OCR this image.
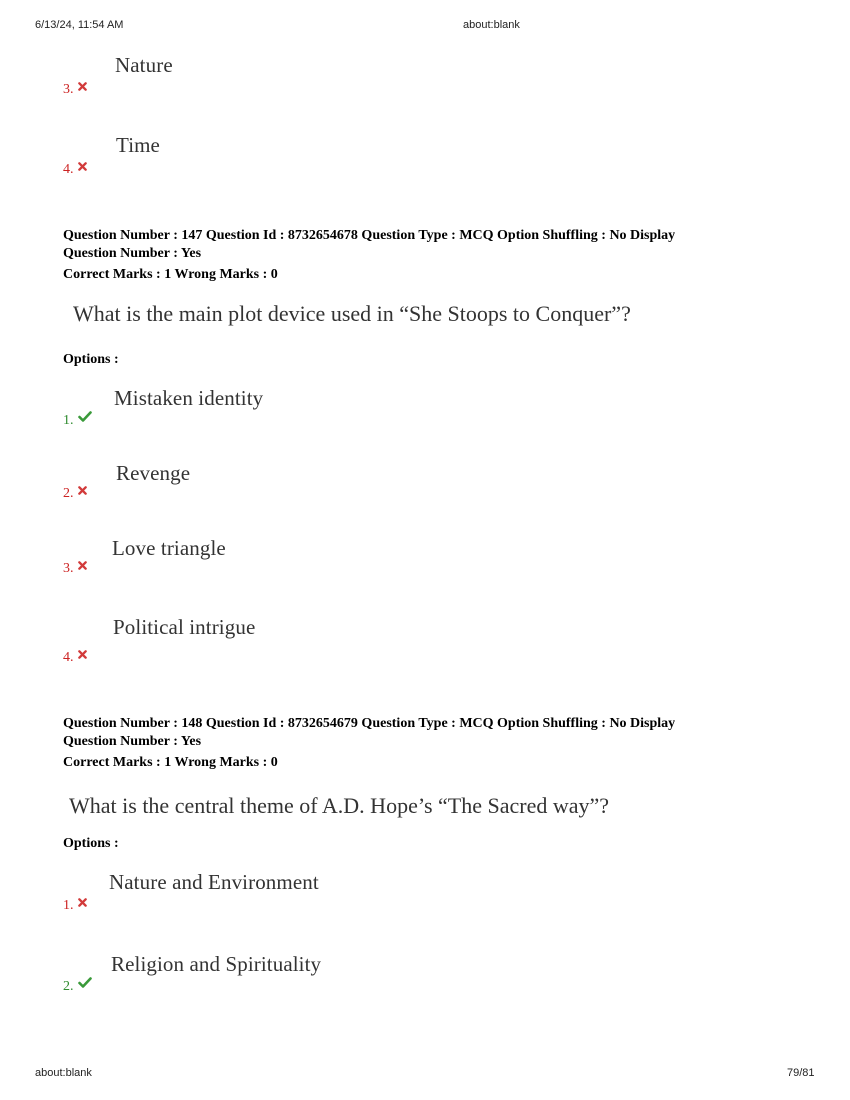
6/13/24, 11:54 AM	about:blank
Nature
3.
Time
4.
Question Number : 147 Question Id : 8732654678 Question Type : MCQ Option Shuffling : No Display
Question Number : Yes
Correct Marks : 1 Wrong Marks : 0
What is the main plot device used in “She Stoops to Conquer”?
Options :
Mistaken identity
1.
Revenge
2.
Love triangle
3.
Political intrigue
4.
Question Number : 148 Question Id : 8732654679 Question Type : MCQ Option Shuffling : No Display
Question Number : Yes
Correct Marks : 1 Wrong Marks : 0
What is the central theme of A.D. Hope’s “The Sacred way”?
Options :
Nature and Environment
1.
Religion and Spirituality
2.
about:blank	79/81
